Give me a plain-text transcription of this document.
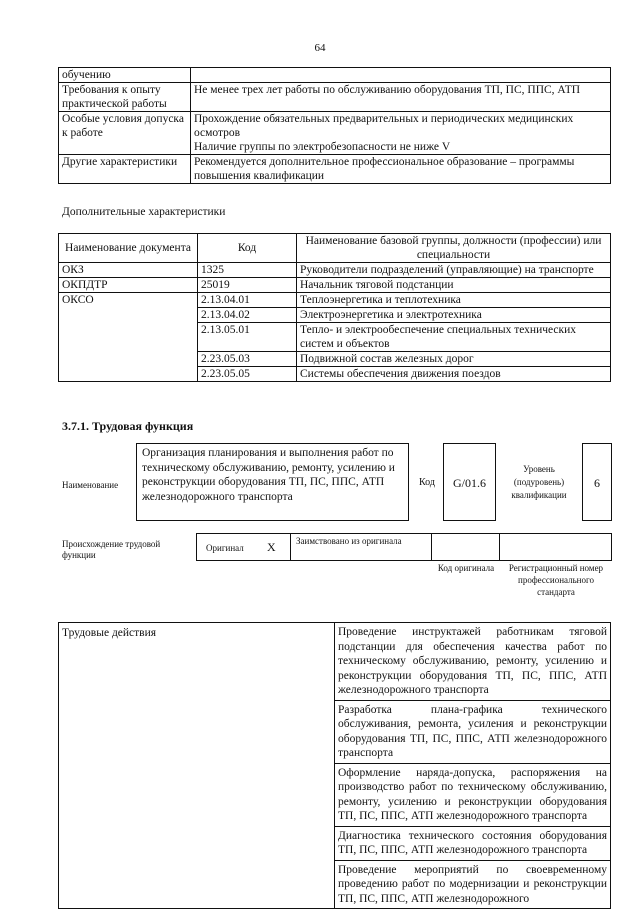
64
обучению	
Требования к опыту практической работы	Не менее трех лет работы по обслуживанию оборудования ТП, ПС, ППС, АТП
Особые условия допуска к работе	Прохождение обязательных предварительных и периодических медицинских осмотров
Наличие группы по электробезопасности не ниже V

Другие характеристики	Рекомендуется дополнительное профессиональное образование – программы повышения квалификации
Дополнительные характеристики
Наименование документа	Код	Наименование базовой группы, должности (профессии) или специальности
ОКЗ	1325	Руководители подразделений (управляющие) на транспорте
ОКПДТР	25019	Начальник тяговой подстанции
ОКСО	2.13.04.01	Теплоэнергетика и теплотехника
	2.13.04.02	Электроэнергетика и электротехника
	2.13.05.01	Тепло- и электрообеспечение специальных технических систем и объектов
	2.23.05.03	Подвижной состав железных дорог
	2.23.05.05	Системы обеспечения движения поездов
3.7.1. Трудовая функция
Наименование
Организация планирования и выполнения работ по техническому обслуживанию, ремонту, усилению и реконструкции оборудования ТП, ПС, ППС, АТП железнодорожного транспорта
Код	G/01.6
Уровень (подуровень) квалификации
6
Происхождение трудовой функции
Оригинал X	Заимствовано из оригинала
Код оригинала	Регистрационный номер профессионального стандарта
Трудовые действия	Проведение инструктажей работникам тяговой подстанции для обеспечения качества работ по техническому обслуживанию, ремонту, усилению и реконструкции оборудования ТП, ПС, ППС, АТП железнодорожного транспорта
Разработка плана-графика технического обслуживания, ремонта, усиления и реконструкции оборудования ТП, ПС, ППС, АТП железнодорожного транспорта
Оформление наряда-допуска, распоряжения на производство работ по техническому обслуживанию, ремонту, усилению и реконструкции оборудования ТП, ПС, ППС, АТП железнодорожного транспорта
Диагностика технического состояния оборудования ТП, ПС, ППС, АТП железнодорожного транспорта
Проведение мероприятий по своевременному проведению работ по модернизации и реконструкции ТП, ПС, ППС, АТП железнодорожного
